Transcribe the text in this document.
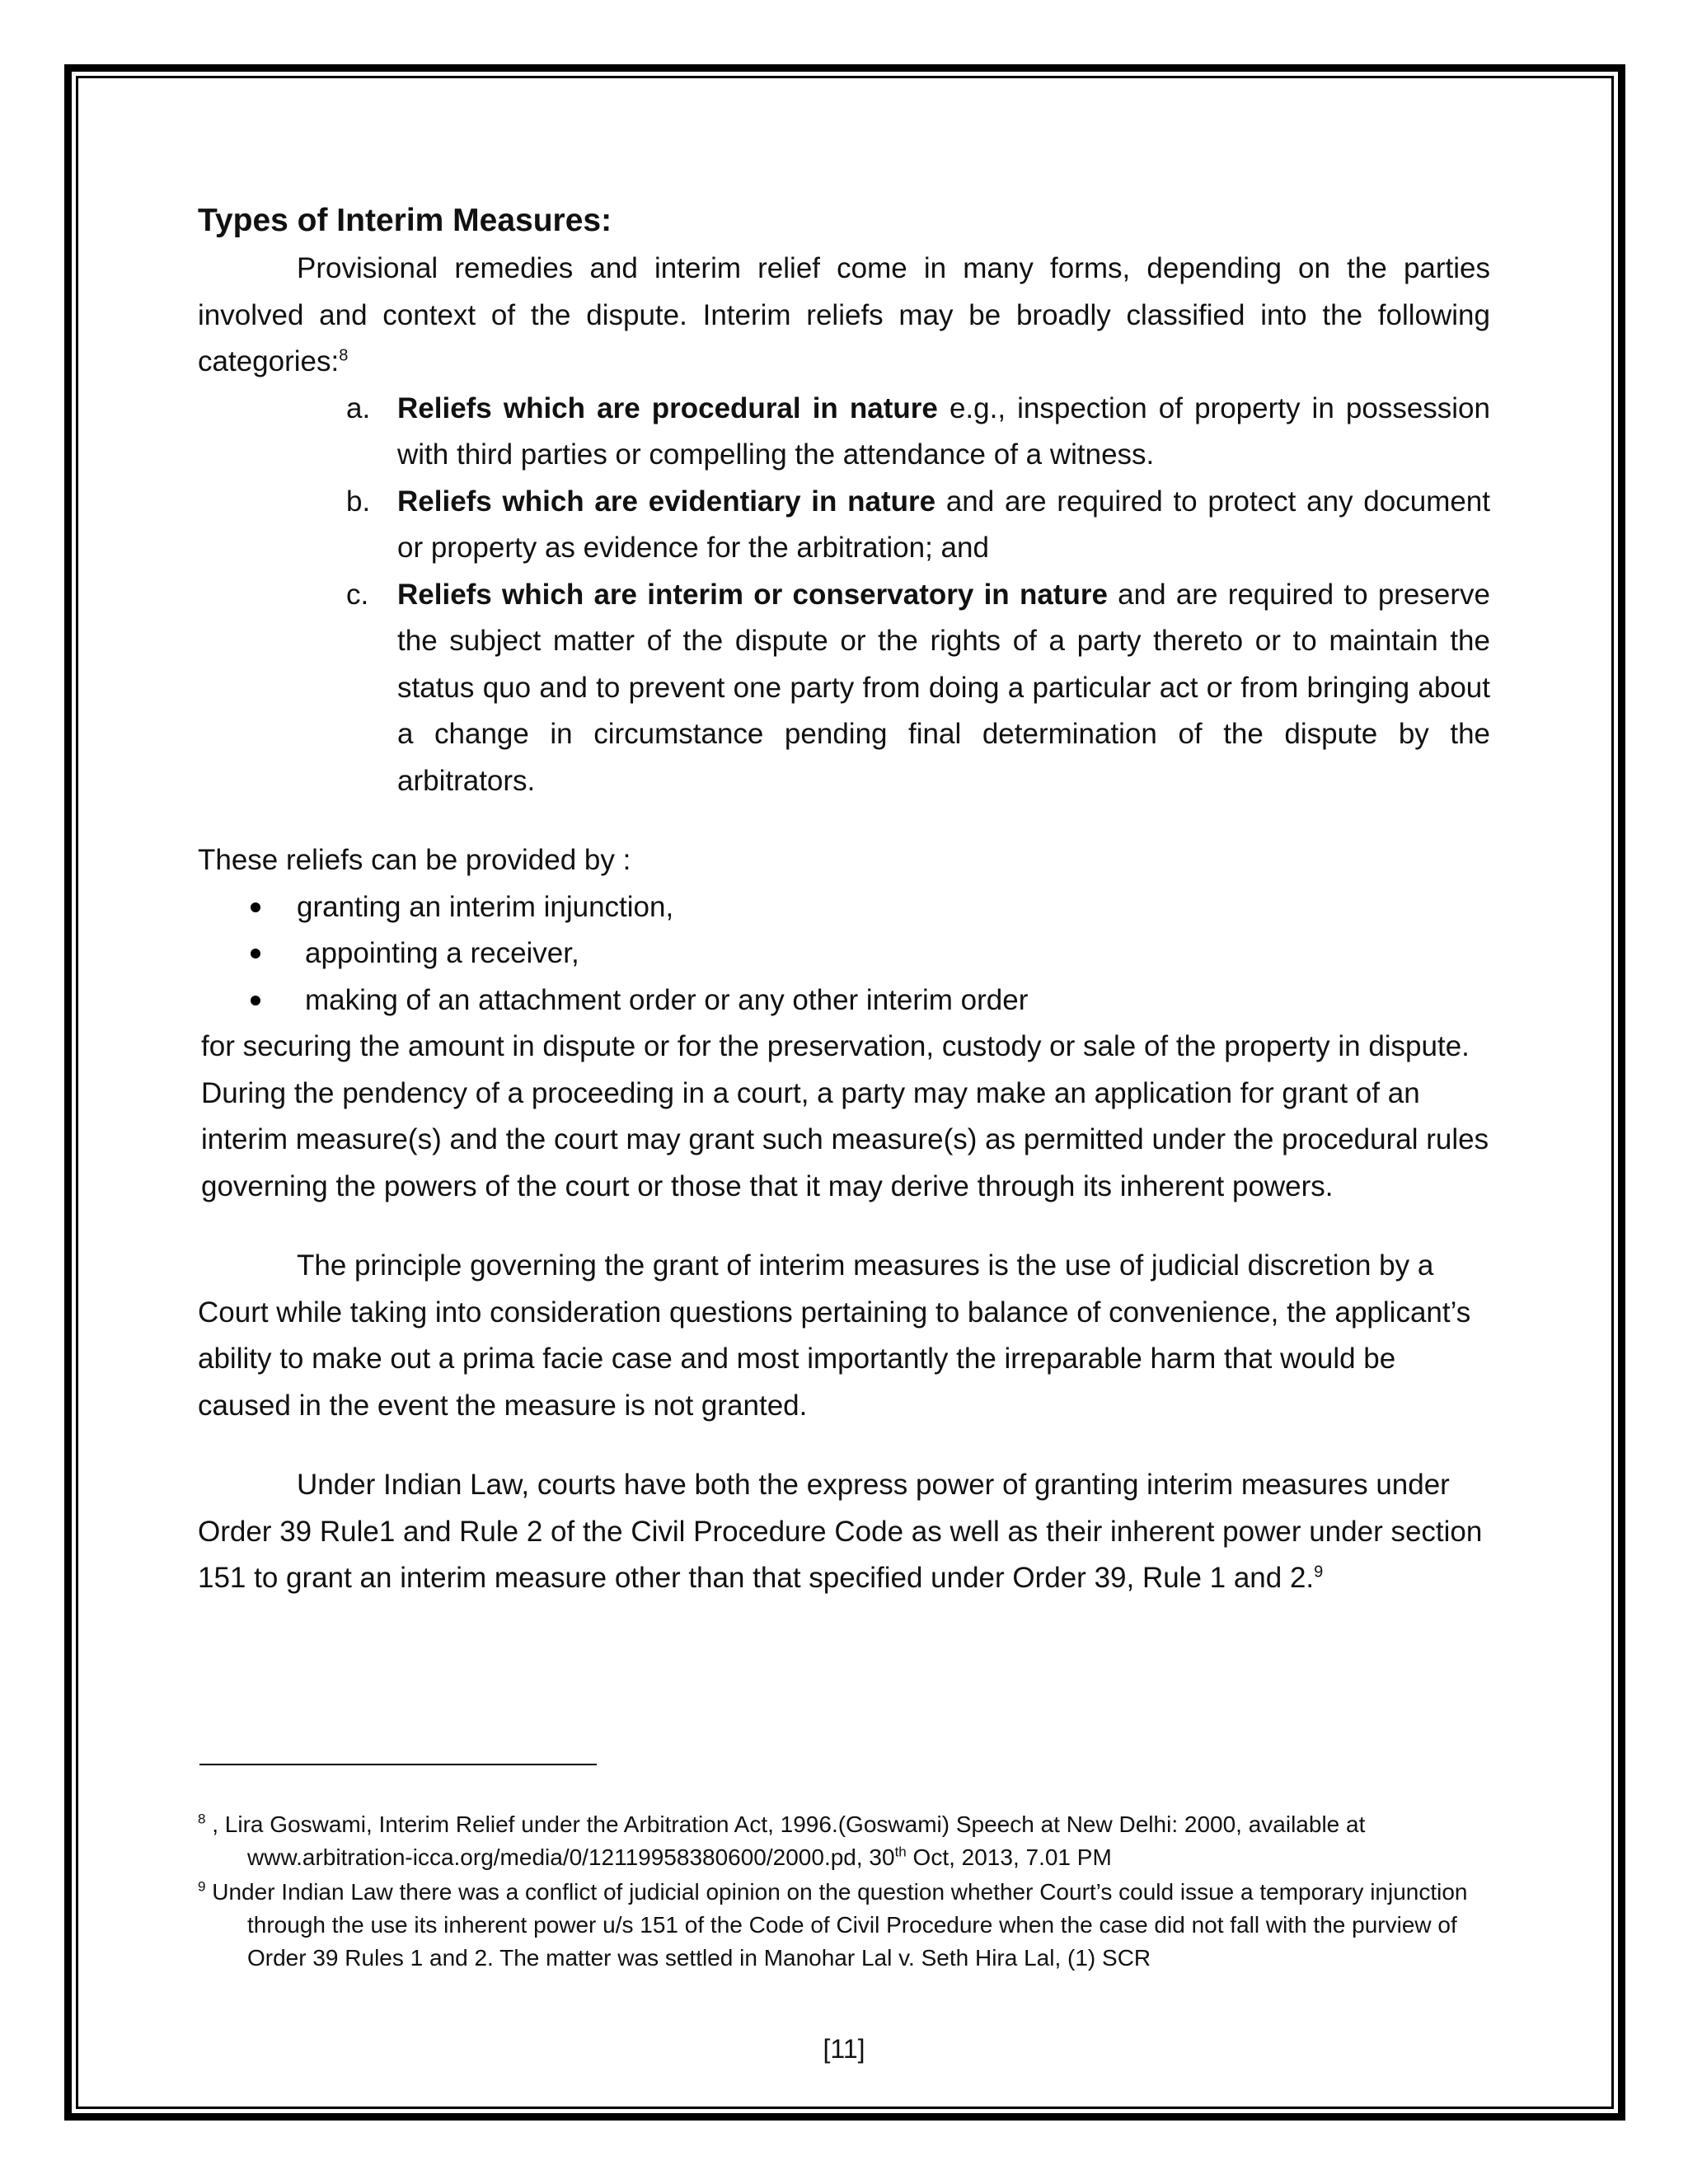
Types of Interim Measures:

Provisional remedies and interim relief come in many forms, depending on the parties involved and context of the dispute. Interim reliefs may be broadly classified into the following categories:$^8$

a. Reliefs which are procedural in nature e.g., inspection of property in possession with third parties or compelling the attendance of a witness.
b. Reliefs which are evidentiary in nature and are required to protect any document or property as evidence for the arbitration; and
c. Reliefs which are interim or conservatory in nature and are required to preserve the subject matter of the dispute or the rights of a party thereto or to maintain the status quo and to prevent one party from doing a particular act or from bringing about a change in circumstance pending final determination of the dispute by the arbitrators.

These reliefs can be provided by :

granting an interim injunction,
appointing a receiver,
making of an attachment order or any other interim order

for securing the amount in dispute or for the preservation, custody or sale of the property in dispute. During the pendency of a proceeding in a court, a party may make an application for grant of an interim measure(s) and the court may grant such measure(s) as permitted under the procedural rules governing the powers of the court or those that it may derive through its inherent powers.

The principle governing the grant of interim measures is the use of judicial discretion by a Court while taking into consideration questions pertaining to balance of convenience, the applicant’s ability to make out a prima facie case and most importantly the irreparable harm that would be caused in the event the measure is not granted.

Under Indian Law, courts have both the express power of granting interim measures under Order 39 Rule1 and Rule 2 of the Civil Procedure Code as well as their inherent power under section 151 to grant an interim measure other than that specified under Order 39, Rule 1 and 2.$^9$

$^8$ , Lira Goswami, Interim Relief under the Arbitration Act, 1996.(Goswami) Speech at New Delhi: 2000, available at www.arbitration-icca.org/media/0/12119958380600/2000.pd, 30th Oct, 2013, 7.01 PM
$^9$ Under Indian Law there was a conflict of judicial opinion on the question whether Court’s could issue a temporary injunction through the use its inherent power u/s 151 of the Code of Civil Procedure when the case did not fall with the purview of Order 39 Rules 1 and 2. The matter was settled in Manohar Lal v. Seth Hira Lal, (1) SCR
[11]
